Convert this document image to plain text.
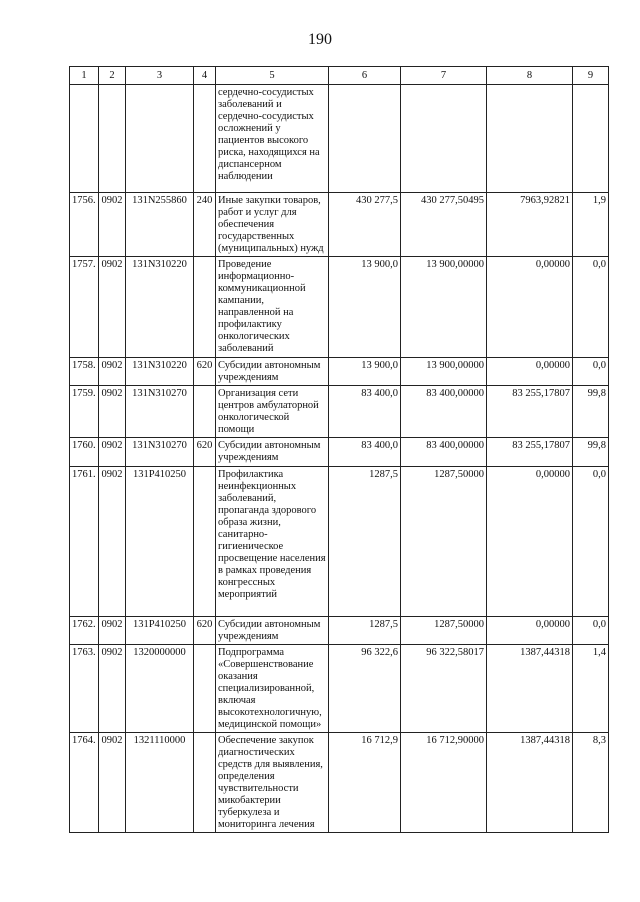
190
1	2	3	4	5	6	7	8	9
				сердечно-сосудистых заболеваний и сердечно-сосудистых осложнений у пациентов высокого риска, находящихся на диспансерном наблюдении				
1756.	0902	131N255860	240	Иные закупки товаров, работ и услуг для обеспечения государственных (муниципальных) нужд	430 277,5	430 277,50495	7963,92821	1,9
1757.	0902	131N310220		Проведение информационно-коммуникационной кампании, направленной на профилактику онкологических заболеваний	13 900,0	13 900,00000	0,00000	0,0
1758.	0902	131N310220	620	Субсидии автономным учреждениям	13 900,0	13 900,00000	0,00000	0,0
1759.	0902	131N310270		Организация сети центров амбулаторной онкологической помощи	83 400,0	83 400,00000	83 255,17807	99,8
1760.	0902	131N310270	620	Субсидии автономным учреждениям	83 400,0	83 400,00000	83 255,17807	99,8
1761.	0902	131P410250		Профилактика неинфекционных заболеваний, пропаганда здорового образа жизни, санитарно-гигиеническое просвещение населения в рамках проведения конгрессных мероприятий	1287,5	1287,50000	0,00000	0,0
1762.	0902	131P410250	620	Субсидии автономным учреждениям	1287,5	1287,50000	0,00000	0,0
1763.	0902	1320000000		Подпрограмма «Совершенствование оказания специализированной, включая высокотехнологичную, медицинской помощи»	96 322,6	96 322,58017	1387,44318	1,4
1764.	0902	1321110000		Обеспечение закупок диагностических средств для выявления, определения чувствительности микобактерии туберкулеза и мониторинга лечения	16 712,9	16 712,90000	1387,44318	8,3
